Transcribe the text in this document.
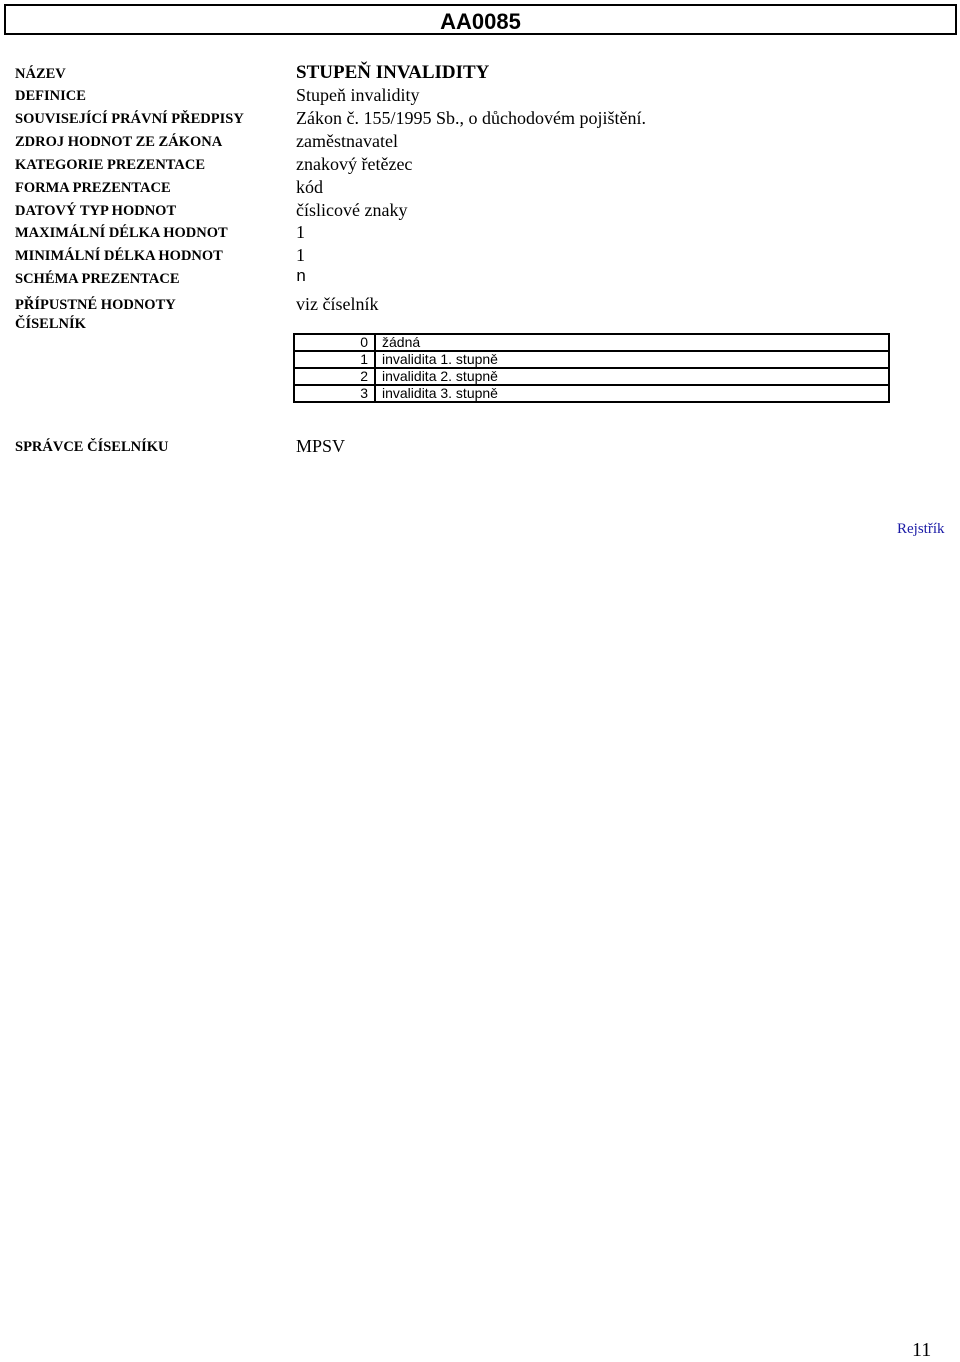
AA0085
NÁZEV	STUPEŇ INVALIDITY
DEFINICE	Stupeň invalidity
SOUVISEJÍCÍ PRÁVNÍ PŘEDPISY	Zákon č. 155/1995 Sb., o důchodovém pojištění.
ZDROJ HODNOT ZE ZÁKONA	zaměstnavatel
KATEGORIE PREZENTACE	znakový řetězec
FORMA PREZENTACE	kód
DATOVÝ TYP HODNOT	číslicové znaky
MAXIMÁLNÍ DÉLKA HODNOT	1
MINIMÁLNÍ DÉLKA HODNOT	1
SCHÉMA PREZENTACE	n
PŘÍPUSTNÉ HODNOTY	viz číselník
ČÍSELNÍK
0	žádná
1	invalidita 1. stupně
2	invalidita 2. stupně
3	invalidita 3. stupně
SPRÁVCE ČÍSELNÍKU	MPSV
Rejstřík
11
